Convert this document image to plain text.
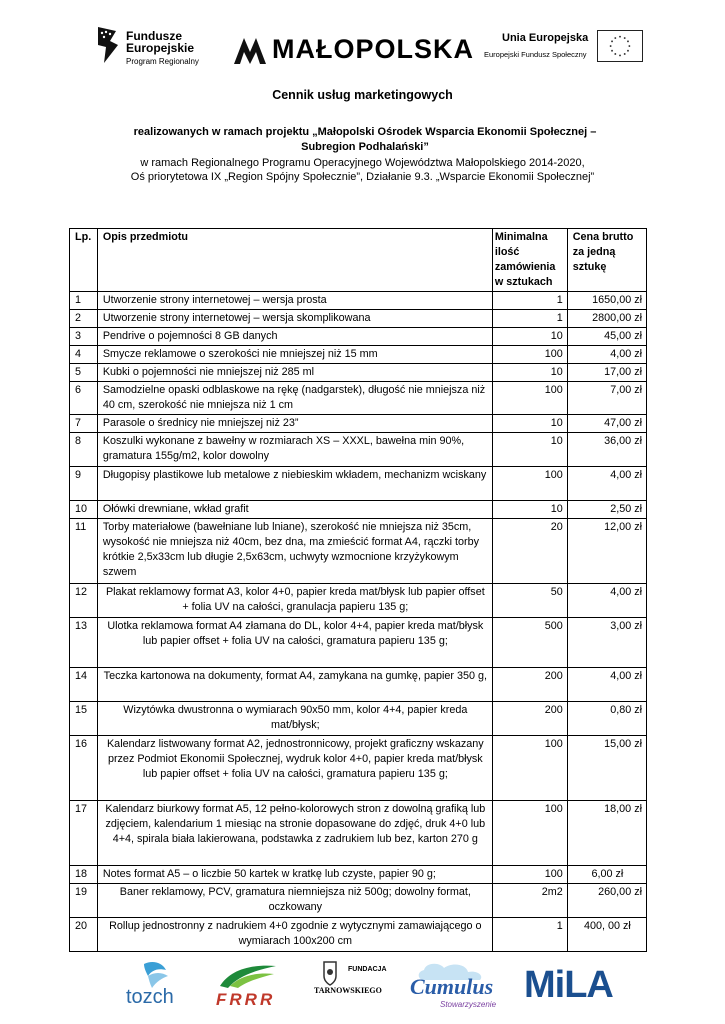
Fundusze
Europejskie
Program Regionalny	MAŁOPOLSKA	Unia Europejska
Europejski Fundusz Społeczny
Cennik usług marketingowych
realizowanych w ramach projektu „Małopolski Ośrodek Wsparcia Ekonomii Społecznej – Subregion Podhalański”
w ramach Regionalnego Programu Operacyjnego Województwa Małopolskiego 2014-2020,
Oś priorytetowa IX „Region Spójny Społecznie”, Działanie 9.3. „Wsparcie Ekonomii Społecznej”
Lp.	Opis przedmiotu	Minimalna ilość zamówienia w sztukach	Cena brutto za jedną sztukę
1	Utworzenie strony internetowej – wersja prosta	1	1650,00 zł
2	Utworzenie strony internetowej – wersja skomplikowana	1	2800,00 zł
3	Pendrive o pojemności 8 GB danych	10	45,00 zł
4	Smycze reklamowe o szerokości nie mniejszej niż 15 mm	100	4,00 zł
5	Kubki o pojemności nie mniejszej niż 285 ml	10	17,00 zł
6	Samodzielne opaski odblaskowe na rękę (nadgarstek), długość nie mniejsza niż 40 cm, szerokość nie mniejsza niż 1 cm	100	7,00 zł
7	Parasole o średnicy nie mniejszej niż 23”	10	47,00 zł
8	Koszulki wykonane z bawełny w rozmiarach XS – XXXL, bawełna min 90%, gramatura 155g/m2, kolor dowolny	10	36,00 zł
9	Długopisy plastikowe lub metalowe z niebieskim wkładem, mechanizm wciskany	100	4,00 zł
10	Ołówki drewniane, wkład grafit	10	2,50 zł
11	Torby materiałowe (bawełniane lub lniane), szerokość nie mniejsza niż 35cm, wysokość nie mniejsza niż 40cm, bez dna, ma zmieścić format A4, rączki torby krótkie 2,5x33cm lub długie 2,5x63cm, uchwyty wzmocnione krzyżykowym szwem	20	12,00 zł
12	Plakat reklamowy format A3, kolor 4+0, papier kreda mat/błysk lub papier offset + folia UV na całości, granulacja papieru 135 g;	50	4,00 zł
13	Ulotka reklamowa format A4 złamana do DL, kolor 4+4, papier kreda mat/błysk lub papier offset + folia UV na całości, gramatura papieru 135 g;	500	3,00 zł
14	Teczka kartonowa na dokumenty, format A4, zamykana na gumkę, papier 350 g,	200	4,00 zł
15	Wizytówka dwustronna o wymiarach 90x50 mm, kolor 4+4, papier kreda mat/błysk;	200	0,80 zł
16	Kalendarz listwowany format A2, jednostronnicowy, projekt graficzny wskazany przez Podmiot Ekonomii Społecznej, wydruk kolor 4+0, papier kreda mat/błysk lub papier offset + folia UV na całości, gramatura papieru 135 g;	100	15,00 zł
17	Kalendarz biurkowy format A5, 12 pełno-kolorowych stron z dowolną grafiką lub zdjęciem, kalendarium 1 miesiąc na stronie dopasowane do zdjęć, druk 4+0 lub 4+4, spirala biała lakierowana, podstawka z zadrukiem lub bez, karton 270 g	100	18,00 zł
18	Notes format A5 – o liczbie 50 kartek w kratkę lub czyste, papier 90 g;	100	6,00 zł
19	Baner reklamowy, PCV, gramatura niemniejsza niż 500g; dowolny format, oczkowany	2m2	260,00 zł
20	Rollup jednostronny z nadrukiem 4+0 zgodnie z wytycznymi zamawiającego o wymiarach 100x200 cm	1	400, 00 zł
tozch FRRR
FUNDACJA
TARNOWSKIEGO Cumulus
Stowarzyszenie MiLA
